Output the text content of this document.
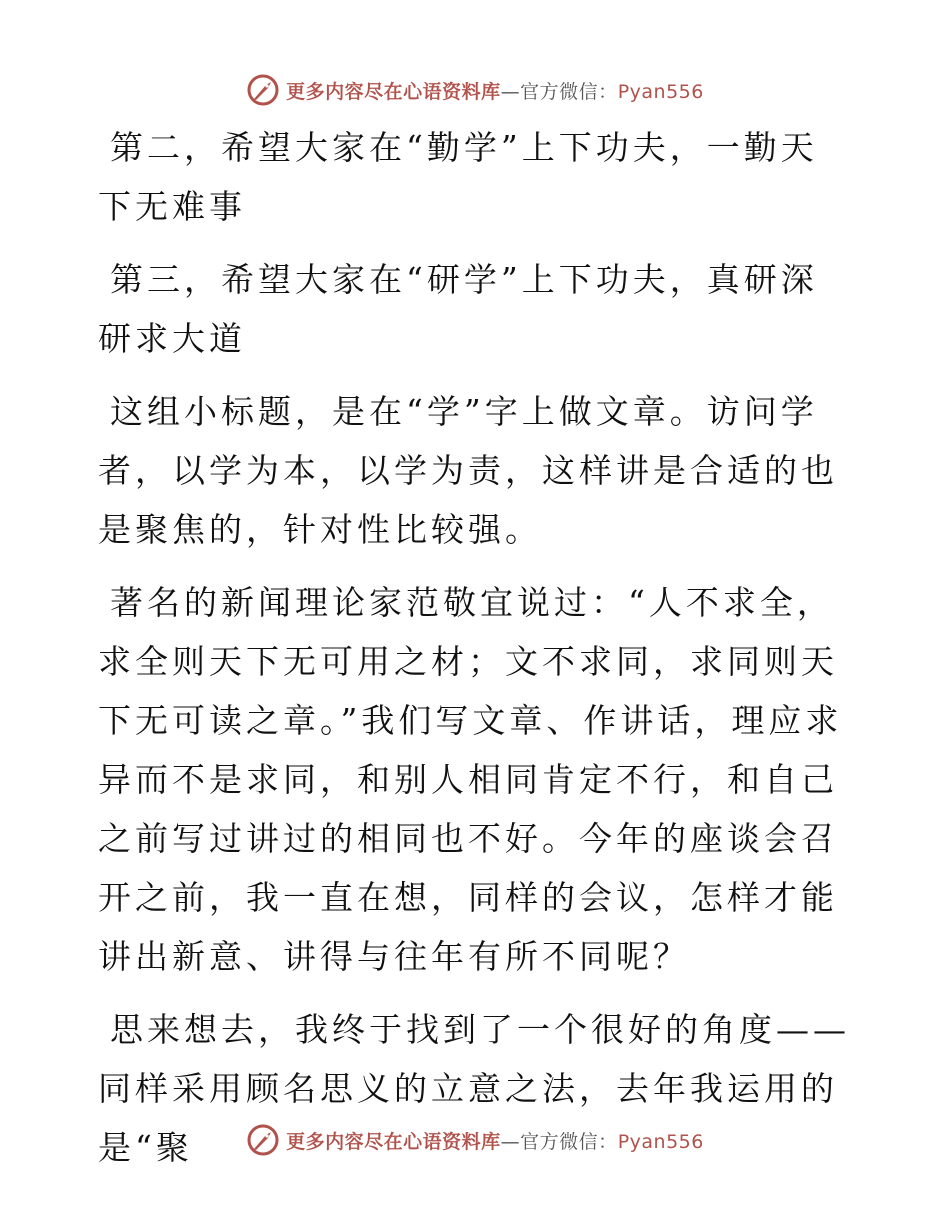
更多内容尽在心语资料库—官方微信：Pyan556

第二，希望大家在“勤学”上下功夫，一勤天下无难事

第三，希望大家在“研学”上下功夫，真研深研求大道

这组小标题，是在“学”字上做文章。访问学者，以学为本，以学为责，这样讲是合适的也是聚焦的，针对性比较强。

著名的新闻理论家范敬宜说过：“人不求全，求全则天下无可用之材；文不求同，求同则天下无可读之章。”我们写文章、作讲话，理应求异而不是求同，和别人相同肯定不行，和自己之前写过讲过的相同也不好。今年的座谈会召开之前，我一直在想，同样的会议，怎样才能讲出新意、讲得与往年有所不同呢？

思来想去，我终于找到了一个很好的角度——同样采用顾名思义的立意之法，去年我运用的是“聚	更多内容尽在心语资料库—官方微信：Pyan556
